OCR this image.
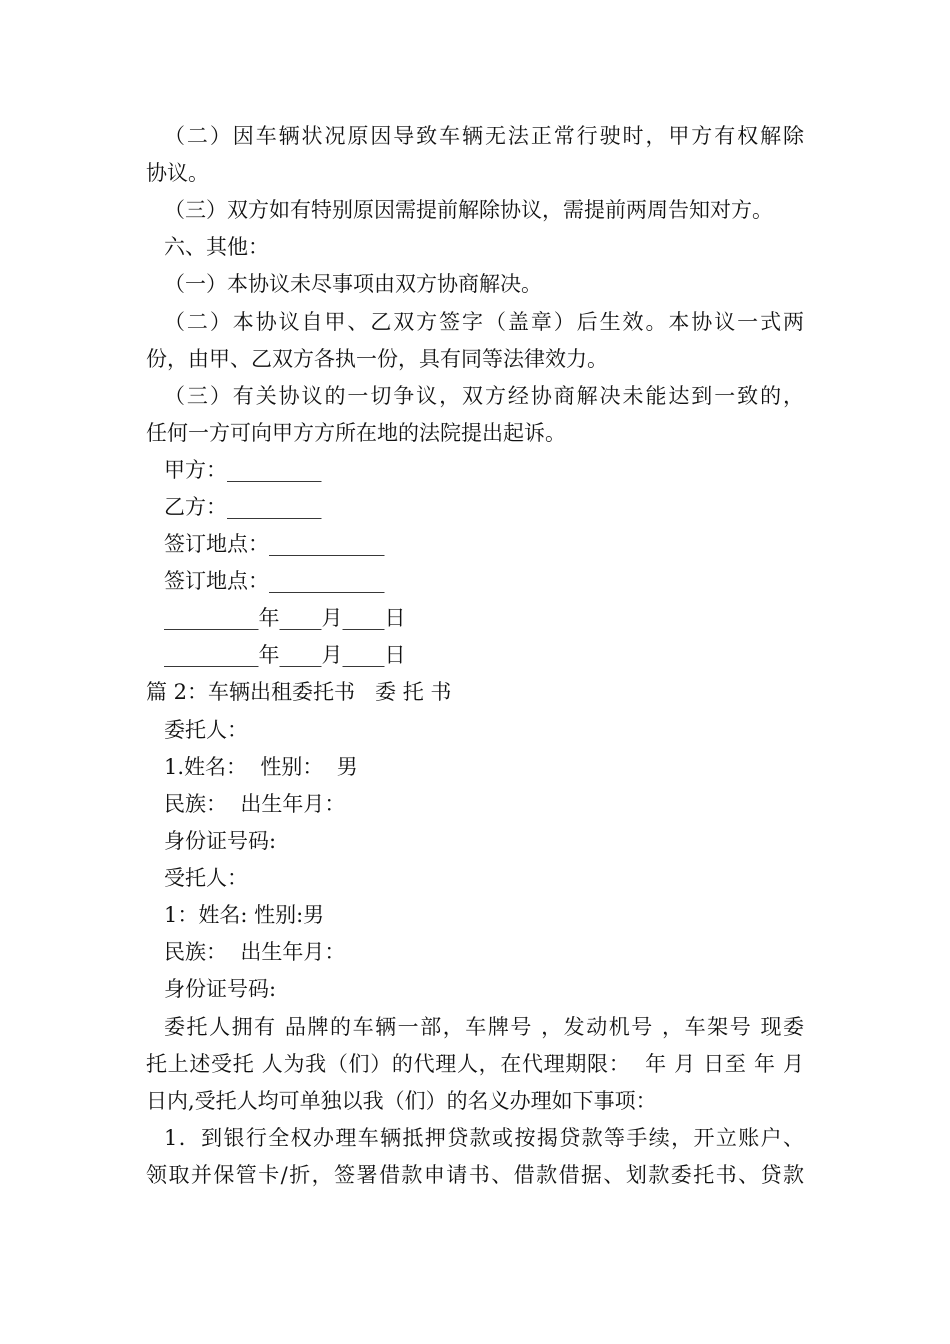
（二）因车辆状况原因导致车辆无法正常行驶时，甲方有权解除
协议。
（三）双方如有特别原因需提前解除协议，需提前两周告知对方。
六、其他：
（一）本协议未尽事项由双方协商解决。
（二）本协议自甲、乙双方签字（盖章）后生效。本协议一式两
份，由甲、乙双方各执一份，具有同等法律效力。
（三）有关协议的一切争议，双方经协商解决未能达到一致的，
任何一方可向甲方方所在地的法院提出起诉。
甲方：_________
乙方：_________
签订地点：___________
签订地点：___________
_________年____月____日
_________年____月____日
篇 2：车辆出租委托书   委 托 书
委托人：
1.姓名：  性别：  男
民族：  出生年月：
身份证号码:
受托人：
1：姓名: 性别:男
民族：  出生年月：
身份证号码:
委托人拥有 品牌的车辆一部，车牌号 ，发动机号 ，车架号 现委
托上述受托 人为我（们）的代理人，在代理期限：  年 月 日至 年 月
日内,受托人均可单独以我（们）的名义办理如下事项：
1．到银行全权办理车辆抵押贷款或按揭贷款等手续，开立账户、
领取并保管卡/折，签署借款申请书、借款借据、划款委托书、贷款
